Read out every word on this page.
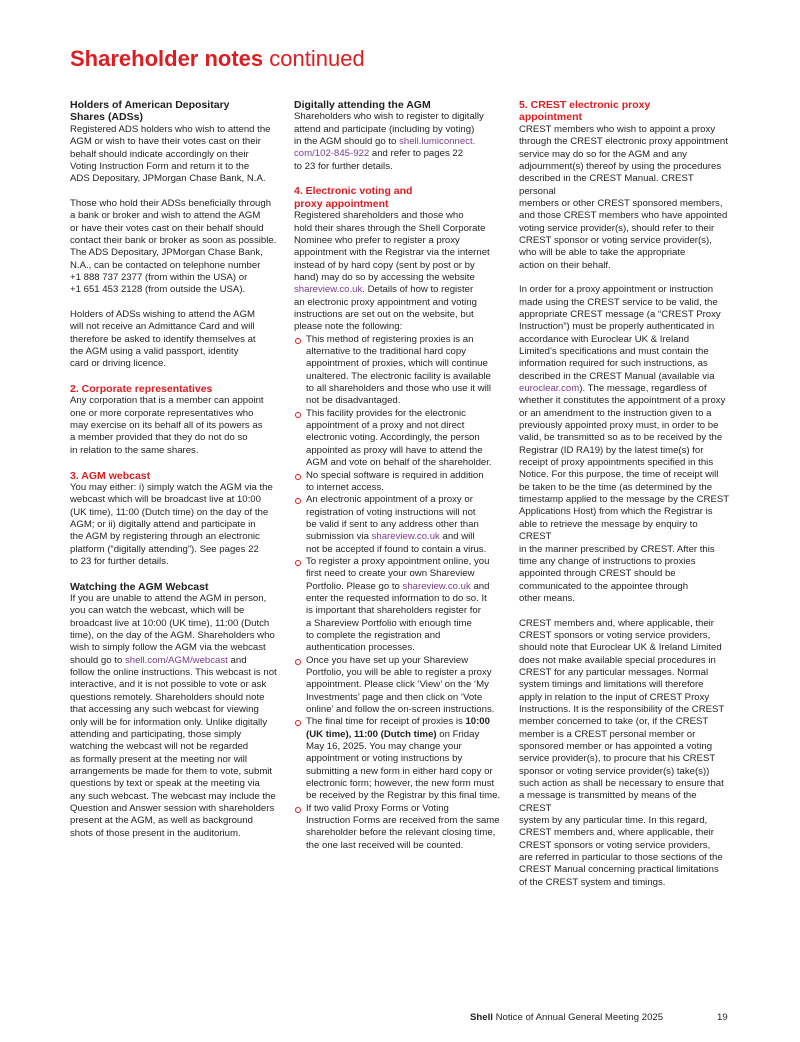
Shareholder notes continued
Holders of American Depositary
Shares (ADSs)

Registered ADS holders who wish to attend the
AGM or wish to have their votes cast on their
behalf should indicate accordingly on their
Voting Instruction Form and return it to the
ADS Depositary, JPMorgan Chase Bank, N.A.

Those who hold their ADSs beneficially through
a bank or broker and wish to attend the AGM
or have their votes cast on their behalf should
contact their bank or broker as soon as possible.
The ADS Depositary, JPMorgan Chase Bank,
N.A., can be contacted on telephone number
+1 888 737 2377 (from within the USA) or
+1 651 453 2128 (from outside the USA).

Holders of ADSs wishing to attend the AGM
will not receive an Admittance Card and will
therefore be asked to identify themselves at
the AGM using a valid passport, identity
card or driving licence.

2. Corporate representatives

Any corporation that is a member can appoint
one or more corporate representatives who
may exercise on its behalf all of its powers as
a member provided that they do not do so
in relation to the same shares.

3. AGM webcast

You may either: i) simply watch the AGM via the
webcast which will be broadcast live at 10:00
(UK time), 11:00 (Dutch time) on the day of the
AGM; or ii) digitally attend and participate in
the AGM by registering through an electronic
platform (“digitally attending”). See pages 22
to 23 for further details.

Watching the AGM Webcast

If you are unable to attend the AGM in person,
you can watch the webcast, which will be
broadcast live at 10:00 (UK time), 11:00 (Dutch
time), on the day of the AGM. Shareholders who
wish to simply follow the AGM via the webcast
should go to shell.com/AGM/webcast and
follow the online instructions. This webcast is not
interactive, and it is not possible to vote or ask
questions remotely. Shareholders should note
that accessing any such webcast for viewing
only will be for information only. Unlike digitally
attending and participating, those simply
watching the webcast will not be regarded
as formally present at the meeting nor will
arrangements be made for them to vote, submit
questions by text or speak at the meeting via
any such webcast. The webcast may include the
Question and Answer session with shareholders
present at the AGM, as well as background
shots of those present in the auditorium.

Digitally attending the AGM

Shareholders who wish to register to digitally
attend and participate (including by voting)
in the AGM should go to shell.lumiconnect.
com/102-845-922 and refer to pages 22
to 23 for further details.

4. Electronic voting and
proxy appointment

Registered shareholders and those who
hold their shares through the Shell Corporate
Nominee who prefer to register a proxy
appointment with the Registrar via the internet
instead of by hard copy (sent by post or by
hand) may do so by accessing the website
shareview.co.uk. Details of how to register
an electronic proxy appointment and voting
instructions are set out on the website, but
please note the following:

This method of registering proxies is an
alternative to the traditional hard copy
appointment of proxies, which will continue
unaltered. The electronic facility is available
to all shareholders and those who use it will
not be disadvantaged.
This facility provides for the electronic
appointment of a proxy and not direct
electronic voting. Accordingly, the person
appointed as proxy will have to attend the
AGM and vote on behalf of the shareholder.
No special software is required in addition
to internet access.
An electronic appointment of a proxy or
registration of voting instructions will not
be valid if sent to any address other than
submission via shareview.co.uk and will
not be accepted if found to contain a virus.
To register a proxy appointment online, you
first need to create your own Shareview
Portfolio. Please go to shareview.co.uk and
enter the requested information to do so. It
is important that shareholders register for
a Shareview Portfolio with enough time
to complete the registration and
authentication processes.
Once you have set up your Shareview
Portfolio, you will be able to register a proxy
appointment. Please click ‘View’ on the ‘My
Investments’ page and then click on ‘Vote
online’ and follow the on-screen instructions.
The final time for receipt of proxies is 10:00
(UK time), 11:00 (Dutch time) on Friday
May 16, 2025. You may change your
appointment or voting instructions by
submitting a new form in either hard copy or
electronic form; however, the new form must
be received by the Registrar by this final time.
If two valid Proxy Forms or Voting
Instruction Forms are received from the same
shareholder before the relevant closing time,
the one last received will be counted.
5. CREST electronic proxy
appointment

CREST members who wish to appoint a proxy
through the CREST electronic proxy appointment
service may do so for the AGM and any
adjournment(s) thereof by using the procedures
described in the CREST Manual. CREST personal
members or other CREST sponsored members,
and those CREST members who have appointed
voting service provider(s), should refer to their
CREST sponsor or voting service provider(s),
who will be able to take the appropriate
action on their behalf.

In order for a proxy appointment or instruction
made using the CREST service to be valid, the
appropriate CREST message (a “CREST Proxy
Instruction”) must be properly authenticated in
accordance with Euroclear UK & Ireland
Limited’s specifications and must contain the
information required for such instructions, as
described in the CREST Manual (available via
euroclear.com). The message, regardless of
whether it constitutes the appointment of a proxy
or an amendment to the instruction given to a
previously appointed proxy must, in order to be
valid, be transmitted so as to be received by the
Registrar (ID RA19) by the latest time(s) for
receipt of proxy appointments specified in this
Notice. For this purpose, the time of receipt will
be taken to be the time (as determined by the
timestamp applied to the message by the CREST
Applications Host) from which the Registrar is
able to retrieve the message by enquiry to CREST
in the manner prescribed by CREST. After this
time any change of instructions to proxies
appointed through CREST should be
communicated to the appointee through
other means.

CREST members and, where applicable, their
CREST sponsors or voting service providers,
should note that Euroclear UK & Ireland Limited
does not make available special procedures in
CREST for any particular messages. Normal
system timings and limitations will therefore
apply in relation to the input of CREST Proxy
Instructions. It is the responsibility of the CREST
member concerned to take (or, if the CREST
member is a CREST personal member or
sponsored member or has appointed a voting
service provider(s), to procure that his CREST
sponsor or voting service provider(s) take(s))
such action as shall be necessary to ensure that
a message is transmitted by means of the CREST
system by any particular time. In this regard,
CREST members and, where applicable, their
CREST sponsors or voting service providers,
are referred in particular to those sections of the
CREST Manual concerning practical limitations
of the CREST system and timings.

Shell Notice of Annual General Meeting 2025	19
